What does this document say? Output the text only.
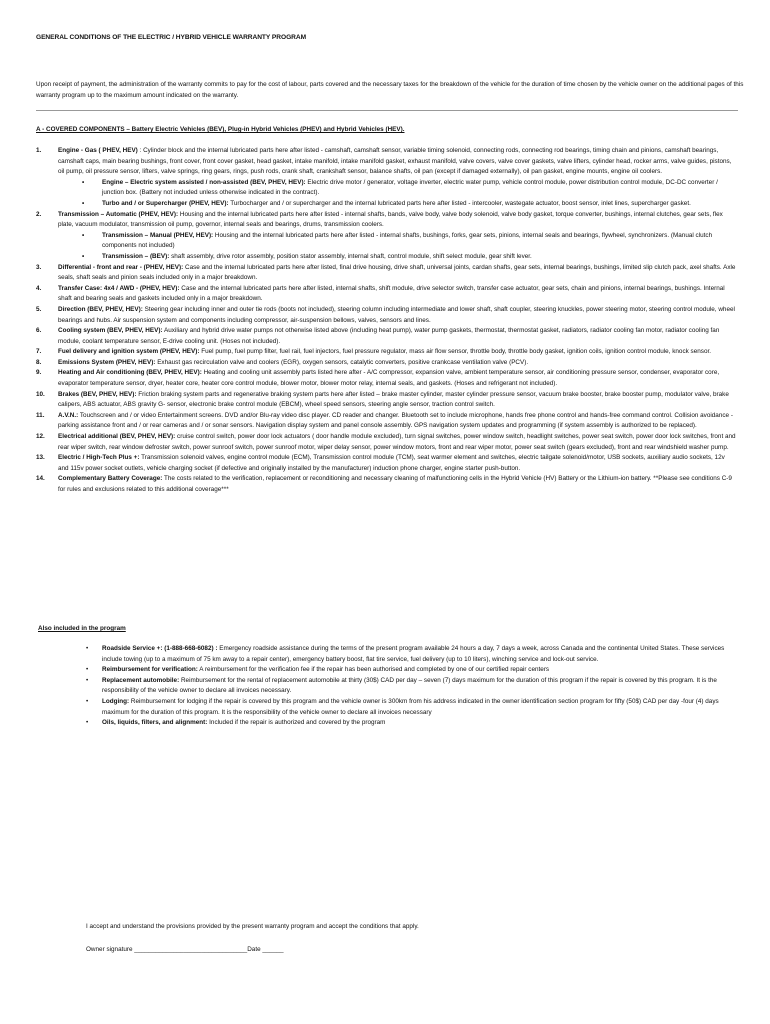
GENERAL CONDITIONS OF THE ELECTRIC / HYBRID VEHICLE WARRANTY PROGRAM
Upon receipt of payment, the administration of the warranty commits to pay for the cost of labour, parts covered and the necessary taxes for the breakdown of the vehicle for the duration of time chosen by the vehicle owner on the additional pages of this warranty program up to the maximum amount indicated on the warranty.
A - COVERED COMPONENTS – Battery Electric Vehicles (BEV), Plug-in Hybrid Vehicles (PHEV) and Hybrid Vehicles (HEV).
1.	Engine - Gas ( PHEV, HEV) : Cylinder block and the internal lubricated parts here after listed - camshaft, camshaft sensor, variable timing solenoid, connecting rods, connecting rod bearings, timing chain and pinions, camshaft bearings, camshaft caps, main bearing bushings, front cover, front cover gasket, head gasket, intake manifold, intake manifold gasket, exhaust manifold, valve covers, valve cover gaskets, valve lifters, cylinder head, rocker arms, valve guides, pistons, oil pump, oil pressure sensor, lifters, valve springs, ring gears, rings, push rods, crank shaft, crankshaft sensor, balance shafts, oil pan (except if damaged externally), oil pan gasket, engine mounts, engine oil coolers.
•	Engine – Electric system assisted / non-assisted (BEV, PHEV, HEV): Electric drive motor / generator, voltage inverter, electric water pump, vehicle control module, power distribution control module, DC-DC converter / junction box. (Battery not included unless otherwise indicated in the contract).
•	Turbo and / or Supercharger (PHEV, HEV): Turbocharger and / or supercharger and the internal lubricated parts here after listed - intercooler, wastegate actuator, boost sensor, inlet lines, supercharger gasket.
2.	Transmission – Automatic (PHEV, HEV): Housing and the internal lubricated parts here after listed - internal shafts, bands, valve body, valve body solenoid, valve body gasket, torque converter, bushings, internal clutches, gear sets, flex plate, vacuum modulator, transmission oil pump, governor, internal seals and bearings, drums, transmission coolers.
•	Transmission – Manual (PHEV, HEV): Housing and the internal lubricated parts here after listed - internal shafts, bushings, forks, gear sets, pinions, internal seals and bearings, flywheel, synchronizers. (Manual clutch components not included)
•	Transmission – (BEV): shaft assembly, drive rotor assembly, position stator assembly, internal shaft, control module, shift select module, gear shift lever.
3.	Differential - front and rear - (PHEV, HEV): Case and the internal lubricated parts here after listed, final drive housing, drive shaft, universal joints, cardan shafts, gear sets, internal bearings, bushings, limited slip clutch pack, axel shafts. Axle seals, shaft seals and pinion seals included only in a major breakdown.
4.	Transfer Case: 4x4 / AWD - (PHEV, HEV): Case and the internal lubricated parts here after listed, internal shafts, shift module, drive selector switch, transfer case actuator, gear sets, chain and pinions, internal bearings, bushings. Internal shaft and bearing seals and gaskets included only in a major breakdown.
5.	Direction (BEV, PHEV, HEV): Steering gear including inner and outer tie rods (boots not included), steering column including intermediate and lower shaft, shaft coupler, steering knuckles, power steering motor, steering control module, wheel bearings and hubs. Air suspension system and components including compressor, air-suspension bellows, valves, sensors and lines.
6.	Cooling system (BEV, PHEV, HEV): Auxiliary and hybrid drive water pumps not otherwise listed above (including heat pump), water pump gaskets, thermostat, thermostat gasket, radiators, radiator cooling fan motor, radiator cooling fan module, coolant temperature sensor, E-drive cooling unit. (Hoses not included).
7.	Fuel delivery and ignition system (PHEV, HEV): Fuel pump, fuel pump filter, fuel rail, fuel injectors, fuel pressure regulator, mass air flow sensor, throttle body, throttle body gasket, ignition coils, ignition control module, knock sensor.
8.	Emissions System (PHEV, HEV): Exhaust gas recirculation valve and coolers (EGR), oxygen sensors, catalytic converters, positive crankcase ventilation valve (PCV).
9.	Heating and Air conditioning (BEV, PHEV, HEV): Heating and cooling unit assembly parts listed here after - A/C compressor, expansion valve, ambient temperature sensor, air conditioning pressure sensor, condenser, evaporator core, evaporator temperature sensor, dryer, heater core, heater core control module, blower motor, blower motor relay, internal seals, and gaskets. (Hoses and refrigerant not included).
10. Brakes (BEV, PHEV, HEV): Friction braking system parts and regenerative braking system parts here after listed – brake master cylinder, master cylinder pressure sensor, vacuum brake booster, brake booster pump, modulator valve, brake calipers, ABS actuator, ABS gravity G- sensor, electronic brake control module (EBCM), wheel speed sensors, steering angle sensor, traction control switch.
11. A.V.N.: Touchscreen and / or video Entertainment screens. DVD and/or Blu-ray video disc player. CD reader and changer. Bluetooth set to include microphone, hands free phone control and hands-free command control. Collision avoidance - parking assistance front and / or rear cameras and / or sonar sensors. Navigation display system and panel console assembly. GPS navigation system updates and programming (if system assembly is authorized to be replaced).
12. Electrical additional (BEV, PHEV, HEV): cruise control switch, power door lock actuators ( door handle module excluded), turn signal switches, power window switch, headlight switches, power seat switch, power door lock switches, front and rear wiper switch, rear window defroster switch, power sunroof switch, power sunroof motor, wiper delay sensor, power window motors, front and rear wiper motor, power seat switch (gears excluded), front and rear windshield washer pump.
13. Electric / High-Tech Plus +: Transmission solenoid valves, engine control module (ECM), Transmission control module (TCM), seat warmer element and switches, electric tailgate solenoid/motor, USB sockets, auxiliary audio sockets, 12v and 115v power socket outlets, vehicle charging socket (if defective and originally installed by the manufacturer) induction phone charger, engine starter push-button.
14. Complementary Battery Coverage: The costs related to the verification, replacement or reconditioning and necessary cleaning of malfunctioning cells in the Hybrid Vehicle (HV) Battery or the Lithium-ion battery. **Please see conditions C-9 for rules and exclusions related to this additional coverage***
Also included in the program
• Roadside Service +: (1-888-668-6082) : Emergency roadside assistance during the terms of the present program available 24 hours a day, 7 days a week, across Canada and the continental United States. These services include towing (up to a maximum of 75 km away to a repair center), emergency battery boost, flat tire service, fuel delivery (up to 10 liters), winching service and lock-out service.
• Reimbursement for verification: A reimbursement for the verification fee if the repair has been authorised and completed by one of our certified repair centers
• Replacement automobile: Reimbursement for the rental of replacement automobile at thirty (30$) CAD per day – seven (7) days maximum for the duration of this program if the repair is covered by this program. It is the responsibility of the vehicle owner to declare all invoices necessary.
• Lodging: Reimbursement for lodging if the repair is covered by this program and the vehicle owner is 300km from his address indicated in the owner identification section program for fifty (50$) CAD per day -four (4) days maximum for the duration of this program. It is the responsibility of the vehicle owner to declare all invoices necessary
• Oils, liquids, filters, and alignment: Included if the repair is authorized and covered by the program
I accept and understand the provisions provided by the present warranty program and accept the conditions that apply.
Owner signature ________________________________Date ______
